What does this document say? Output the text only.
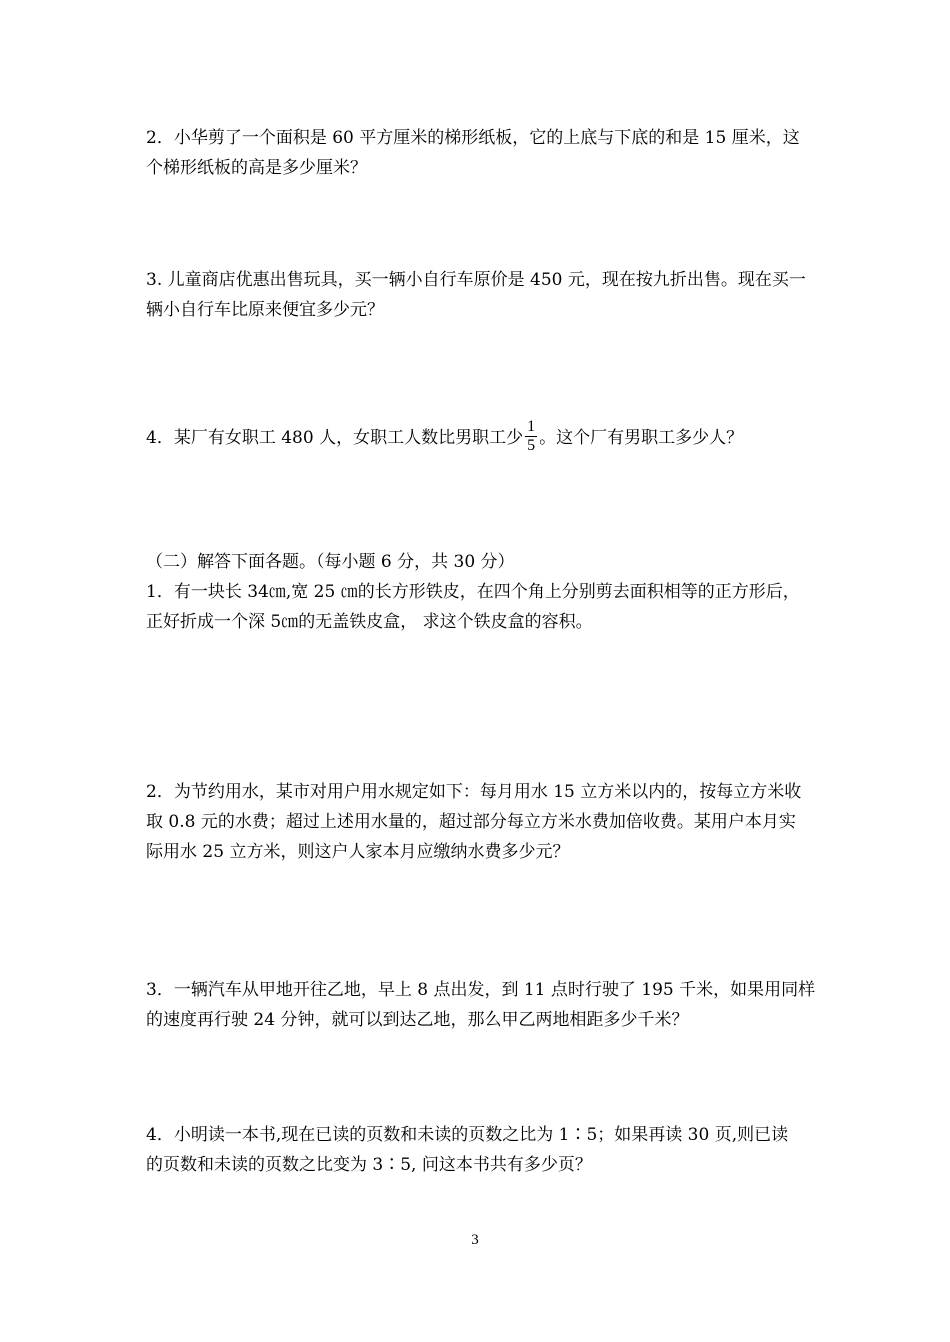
2．小华剪了一个面积是 60 平方厘米的梯形纸板，它的上底与下底的和是 15 厘米，这
个梯形纸板的高是多少厘米？

3. 儿童商店优惠出售玩具，买一辆小自行车原价是 450 元，现在按九折出售。现在买一
辆小自行车比原来便宜多少元？

4．某厂有女职工 480 人，女职工人数比男职工少 $\frac{1}{5}$ 。这个厂有男职工多少人？

（二）解答下面各题。（每小题 6 分，共 30 分）

1．有一块长 34㎝,宽 25 ㎝的长方形铁皮，在四个角上分别剪去面积相等的正方形后，
正好折成一个深 5㎝的无盖铁皮盒， 求这个铁皮盒的容积。

2．为节约用水，某市对用户用水规定如下：每月用水 15 立方米以内的，按每立方米收
取 0.8 元的水费；超过上述用水量的，超过部分每立方米水费加倍收费。某用户本月实
际用水 25 立方米，则这户人家本月应缴纳水费多少元？

3．一辆汽车从甲地开往乙地，早上 8 点出发，到 11 点时行驶了 195 千米，如果用同样
的速度再行驶 24 分钟，就可以到达乙地，那么甲乙两地相距多少千米？

4．小明读一本书,现在已读的页数和未读的页数之比为 1∶5；如果再读 30 页,则已读
的页数和未读的页数之比变为 3∶5, 问这本书共有多少页？

3
